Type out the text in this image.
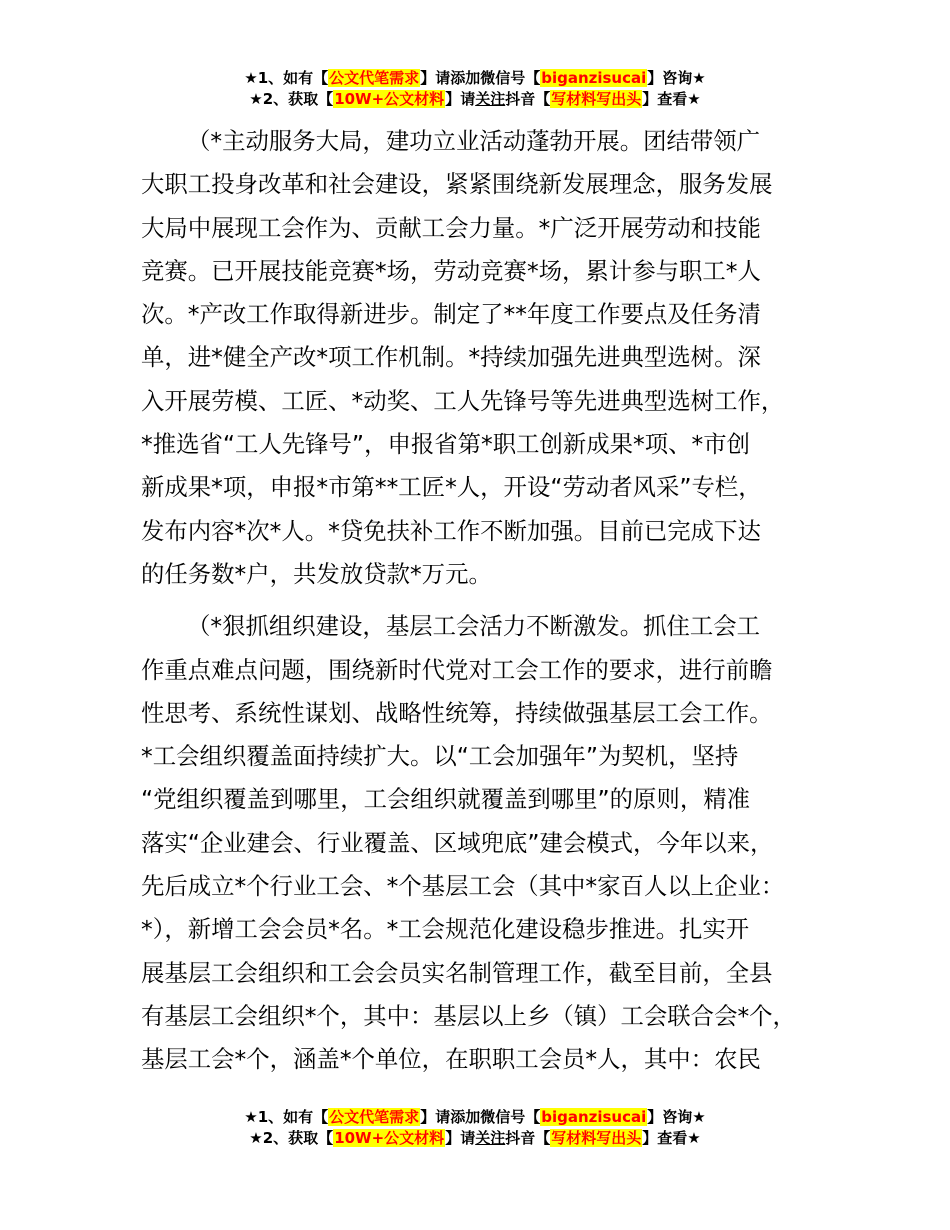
★1、如有【公文代笔需求】请添加微信号【biganzisucai】咨询★
★2、获取【10W+公文材料】请关注抖音【写材料写出头】查看★
（*主动服务大局，建功立业活动蓬勃开展。团结带领广
大职工投身改革和社会建设，紧紧围绕新发展理念，服务发展
大局中展现工会作为、贡献工会力量。*广泛开展劳动和技能
竞赛。已开展技能竞赛*场，劳动竞赛*场，累计参与职工*人
次。*产改工作取得新进步。制定了**年度工作要点及任务清
单，进*健全产改*项工作机制。*持续加强先进典型选树。深
入开展劳模、工匠、*动奖、工人先锋号等先进典型选树工作，
*推选省“工人先锋号”，申报省第*职工创新成果*项、*市创
新成果*项，申报*市第**工匠*人，开设“劳动者风采”专栏，
发布内容*次*人。*贷免扶补工作不断加强。目前已完成下达
的任务数*户，共发放贷款*万元。
（*狠抓组织建设，基层工会活力不断激发。抓住工会工
作重点难点问题，围绕新时代党对工会工作的要求，进行前瞻
性思考、系统性谋划、战略性统筹，持续做强基层工会工作。
*工会组织覆盖面持续扩大。以“工会加强年”为契机，坚持
“党组织覆盖到哪里，工会组织就覆盖到哪里”的原则，精准
落实“企业建会、行业覆盖、区域兜底”建会模式，今年以来，
先后成立*个行业工会、*个基层工会（其中*家百人以上企业：
*），新增工会会员*名。*工会规范化建设稳步推进。扎实开
展基层工会组织和工会会员实名制管理工作，截至目前，全县
有基层工会组织*个，其中：基层以上乡（镇）工会联合会*个，
基层工会*个，涵盖*个单位，在职职工会员*人，其中：农民
★1、如有【公文代笔需求】请添加微信号【biganzisucai】咨询★
★2、获取【10W+公文材料】请关注抖音【写材料写出头】查看★
